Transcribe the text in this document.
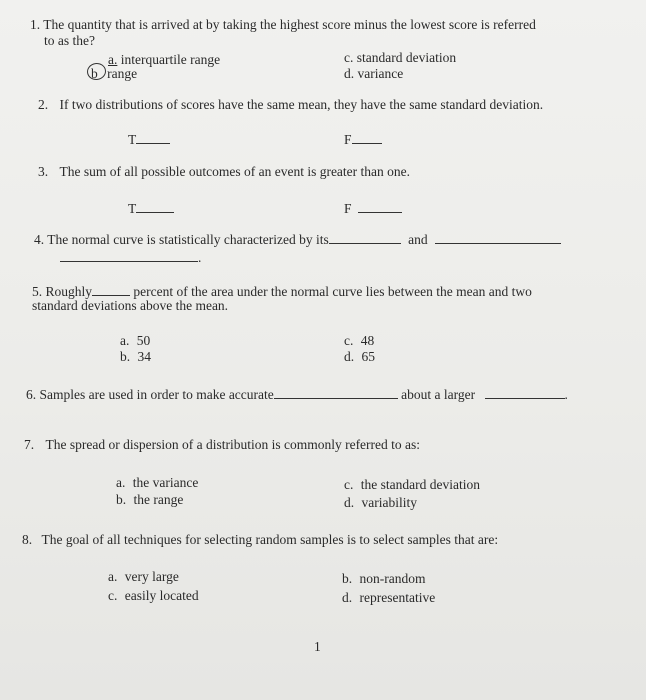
1. The quantity that is arrived at by taking the highest score minus the lowest score is referred
to as the?
a. interquartile range
b range
c. standard deviation
d. variance
2. If two distributions of scores have the same mean, they have the same standard deviation.
T	F
3. The sum of all possible outcomes of an event is greater than one.
T	F
4. The normal curve is statistically characterized by its	and
.
5. Roughly	percent of the area under the normal curve lies between the mean and two
standard deviations above the mean.
a. 50
b. 34
c. 48
d. 65
6. Samples are used in order to make accurate	about a larger	.
7. The spread or dispersion of a distribution is commonly referred to as:
a. the variance
b. the range
c. the standard deviation
d. variability
8. The goal of all techniques for selecting random samples is to select samples that are:
a. very large
c. easily located
b. non-random
d. representative
1
